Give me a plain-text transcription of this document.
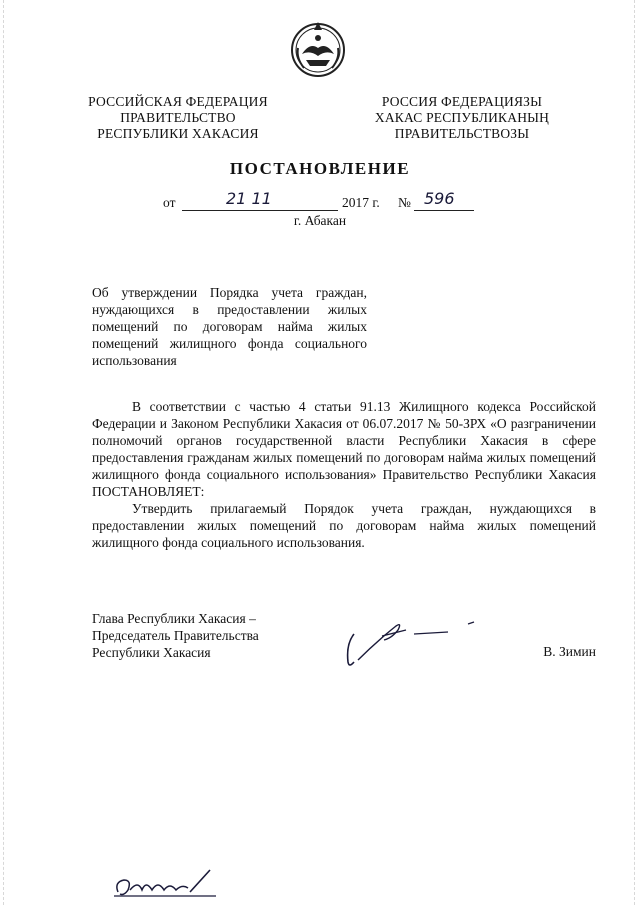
РОССИЙСКАЯ ФЕДЕРАЦИЯ
ПРАВИТЕЛЬСТВО
РЕСПУБЛИКИ ХАКАСИЯ
РОССИЯ ФЕДЕРАЦИЯЗЫ
ХАКАС РЕСПУБЛИКАНЫҢ
ПРАВИТЕЛЬСТВОЗЫ
ПОСТАНОВЛЕНИЕ
от	21 11	2017 г. № 596
г. Абакан
Об утверждении Порядка учета граждан, нуждающихся в предоставлении жилых помещений по договорам найма жилых помещений жилищного фонда социального использования

В соответствии с частью 4 статьи 91.13 Жилищного кодекса Российской Федерации и Законом Республики Хакасия от 06.07.2017 № 50-ЗРХ «О разграничении полномочий органов государственной власти Республики Хакасия в сфере предоставления гражданам жилых помещений по договорам найма жилых помещений жилищного фонда социального использования» Правительство Республики Хакасия ПОСТАНОВЛЯЕТ:

Утвердить прилагаемый Порядок учета граждан, нуждающихся в предоставлении жилых помещений по договорам найма жилых помещений жилищного фонда социального использования.

Глава Республики Хакасия –
Председатель Правительства
Республики Хакасия	В. Зимин
